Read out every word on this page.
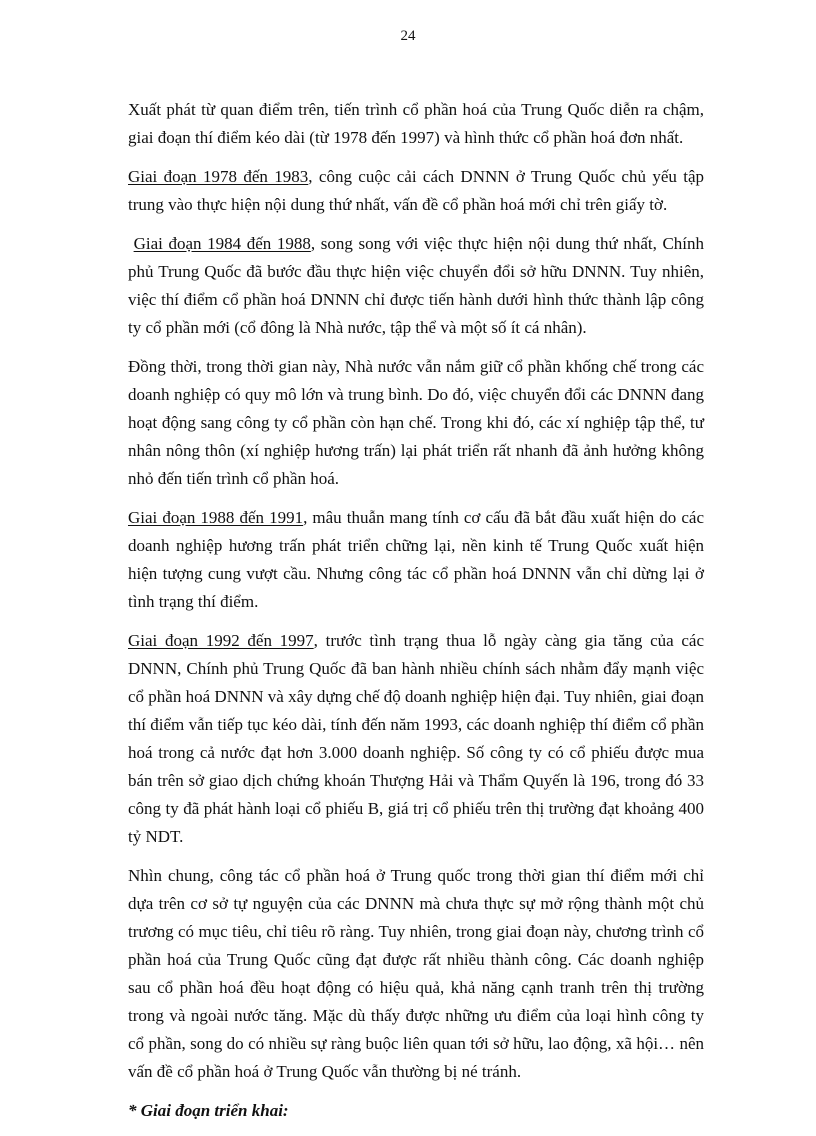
24

Xuất phát từ quan điểm trên, tiến trình cổ phần hoá của Trung Quốc diễn ra chậm, giai đoạn thí điểm kéo dài (từ 1978 đến 1997) và hình thức cổ phần hoá đơn nhất.

Giai đoạn 1978 đến 1983, công cuộc cải cách DNNN ở Trung Quốc chủ yếu tập trung vào thực hiện nội dung thứ nhất, vấn đề cổ phần hoá mới chỉ trên giấy tờ.

Giai đoạn 1984 đến 1988, song song với việc thực hiện nội dung thứ nhất, Chính phủ Trung Quốc đã bước đầu thực hiện việc chuyển đổi sở hữu DNNN. Tuy nhiên, việc thí điểm cổ phần hoá DNNN chỉ được tiến hành dưới hình thức thành lập công ty cổ phần mới (cổ đông là Nhà nước, tập thể và một số ít cá nhân).

Đồng thời, trong thời gian này, Nhà nước vẫn nắm giữ cổ phần khống chế trong các doanh nghiệp có quy mô lớn và trung bình. Do đó, việc chuyển đổi các DNNN đang hoạt động sang công ty cổ phần còn hạn chế. Trong khi đó, các xí nghiệp tập thể, tư nhân nông thôn (xí nghiệp hương trấn) lại phát triển rất nhanh đã ảnh hưởng không nhỏ đến tiến trình cổ phần hoá.

Giai đoạn 1988 đến 1991, mâu thuẫn mang tính cơ cấu đã bắt đầu xuất hiện do các doanh nghiệp hương trấn phát triển chững lại, nền kinh tế Trung Quốc xuất hiện hiện tượng cung vượt cầu. Nhưng công tác cổ phần hoá DNNN vẫn chỉ dừng lại ở tình trạng thí điểm.

Giai đoạn 1992 đến 1997, trước tình trạng thua lỗ ngày càng gia tăng của các DNNN, Chính phủ Trung Quốc đã ban hành nhiều chính sách nhằm đẩy mạnh việc cổ phần hoá DNNN và xây dựng chế độ doanh nghiệp hiện đại. Tuy nhiên, giai đoạn thí điểm vẫn tiếp tục kéo dài, tính đến năm 1993, các doanh nghiệp thí điểm cổ phần hoá trong cả nước đạt hơn 3.000 doanh nghiệp. Số công ty có cổ phiếu được mua bán trên sở giao dịch chứng khoán Thượng Hải và Thẩm Quyến là 196, trong đó 33 công ty đã phát hành loại cổ phiếu B, giá trị cổ phiếu trên thị trường đạt khoảng 400 tỷ NDT.

Nhìn chung, công tác cổ phần hoá ở Trung quốc trong thời gian thí điểm mới chỉ dựa trên cơ sở tự nguyện của các DNNN mà chưa thực sự mở rộng thành một chủ trương có mục tiêu, chỉ tiêu rõ ràng. Tuy nhiên, trong giai đoạn này, chương trình cổ phần hoá của Trung Quốc cũng đạt được rất nhiều thành công. Các doanh nghiệp sau cổ phần hoá đều hoạt động có hiệu quả, khả năng cạnh tranh trên thị trường trong và ngoài nước tăng. Mặc dù thấy được những ưu điểm của loại hình công ty cổ phần, song do có nhiều sự ràng buộc liên quan tới sở hữu, lao động, xã hội… nên vấn đề cổ phần hoá ở Trung Quốc vẫn thường bị né tránh.

* Giai đoạn triển khai:
